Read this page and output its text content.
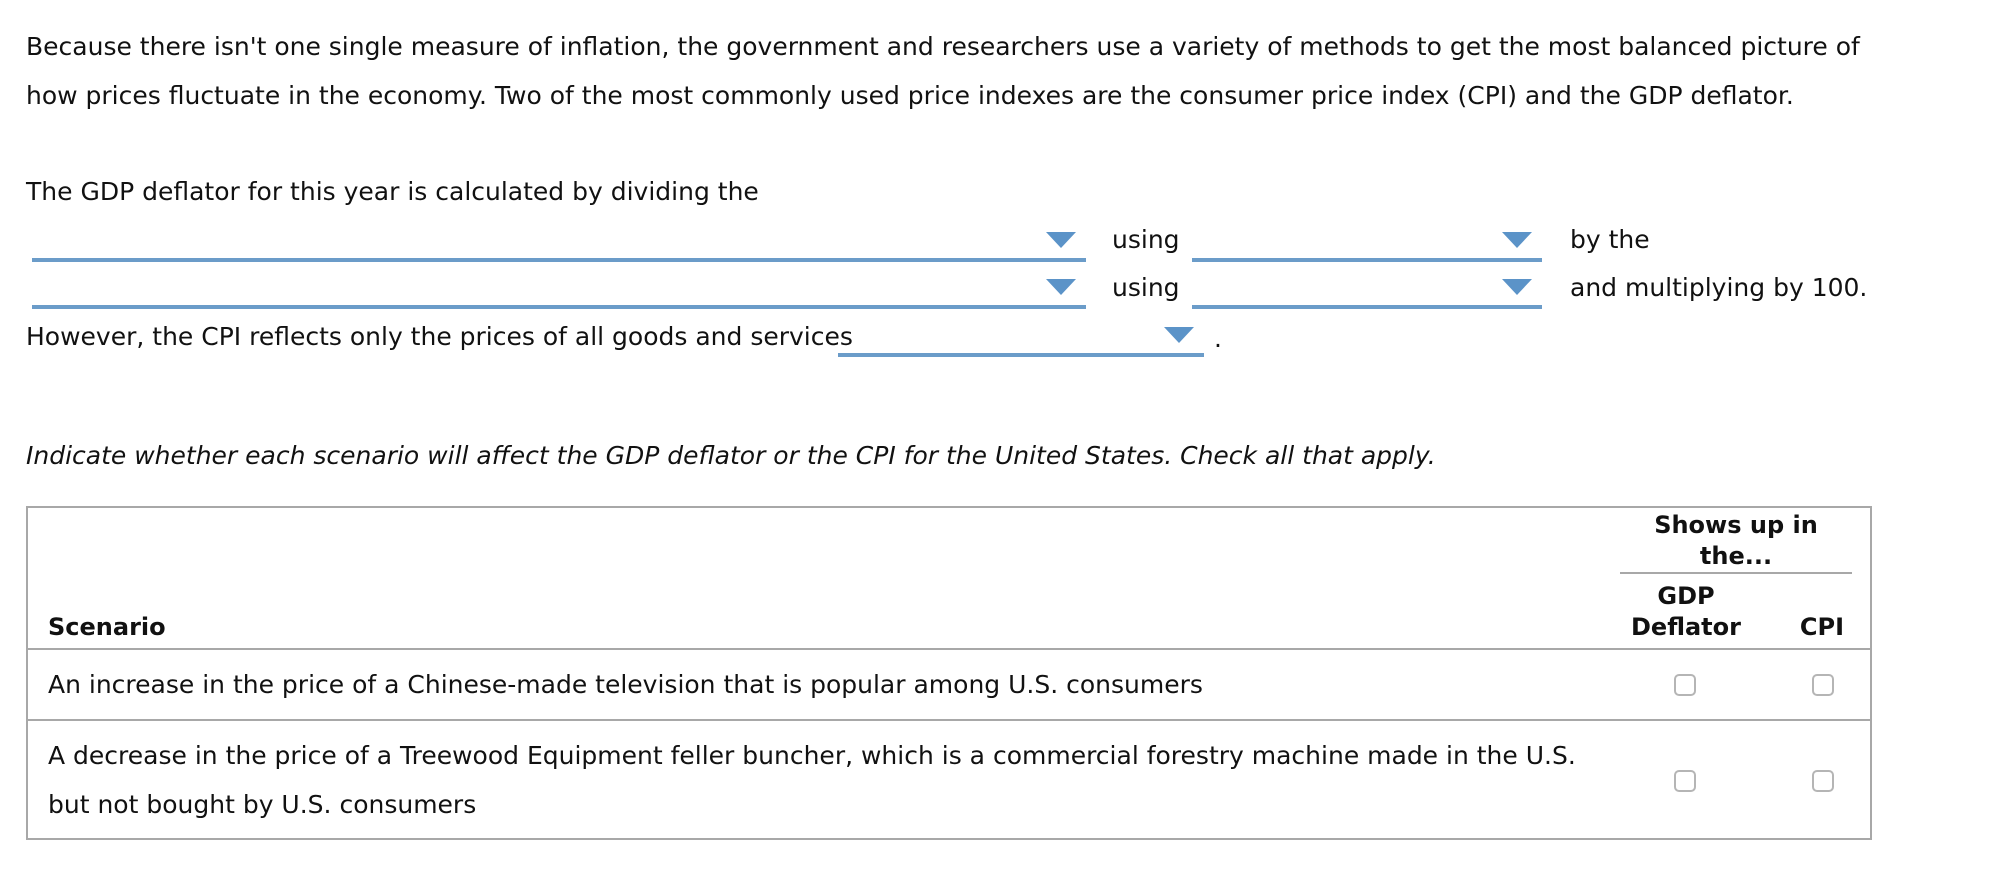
Because there isn't one single measure of inflation, the government and researchers use a variety of methods to get the most balanced picture of how prices fluctuate in the economy. Two of the most commonly used price indexes are the consumer price index (CPI) and the GDP deflator.

The GDP deflator for this year is calculated by dividing the
using	by the
using	and multiplying by 100.
However, the CPI reflects only the prices of all goods and services	.
Indicate whether each scenario will affect the GDP deflator or the CPI for the United States. Check all that apply.
Shows up in the...
Scenario
GDP Deflator	CPI
An increase in the price of a Chinese-made television that is popular among U.S. consumers
A decrease in the price of a Treewood Equipment feller buncher, which is a commercial forestry machine made in the U.S. but not bought by U.S. consumers
